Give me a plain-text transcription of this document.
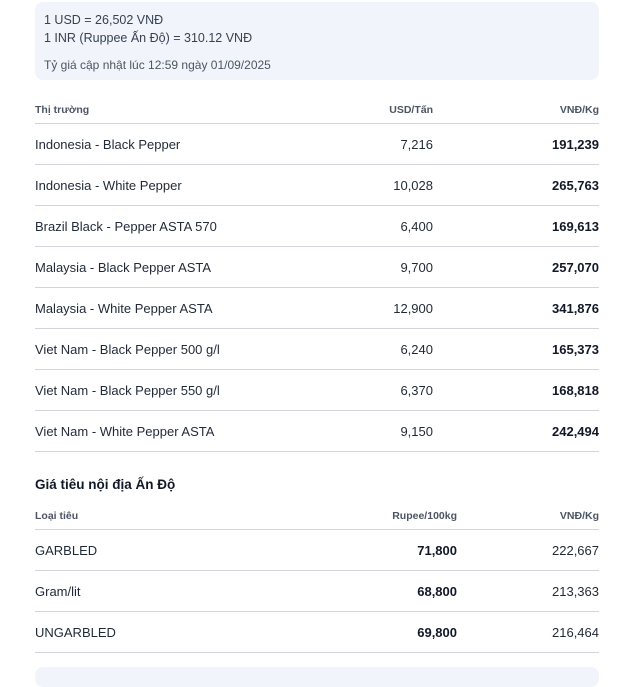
1 USD = 26,502 VNĐ
1 INR (Ruppee Ấn Độ) = 310.12 VNĐ
Tỷ giá cập nhật lúc 12:59 ngày 01/09/2025
Thị trường	USD/Tấn	VNĐ/Kg
Indonesia - Black Pepper	7,216	191,239
Indonesia - White Pepper	10,028	265,763
Brazil Black - Pepper ASTA 570	6,400	169,613
Malaysia - Black Pepper ASTA	9,700	257,070
Malaysia - White Pepper ASTA	12,900	341,876
Viet Nam - Black Pepper 500 g/l	6,240	165,373
Viet Nam - Black Pepper 550 g/l	6,370	168,818
Viet Nam - White Pepper ASTA	9,150	242,494
Giá tiêu nội địa Ấn Độ
Loại tiêu	Rupee/100kg	VNĐ/Kg
GARBLED	71,800	222,667
Gram/lit	68,800	213,363
UNGARBLED	69,800	216,464
